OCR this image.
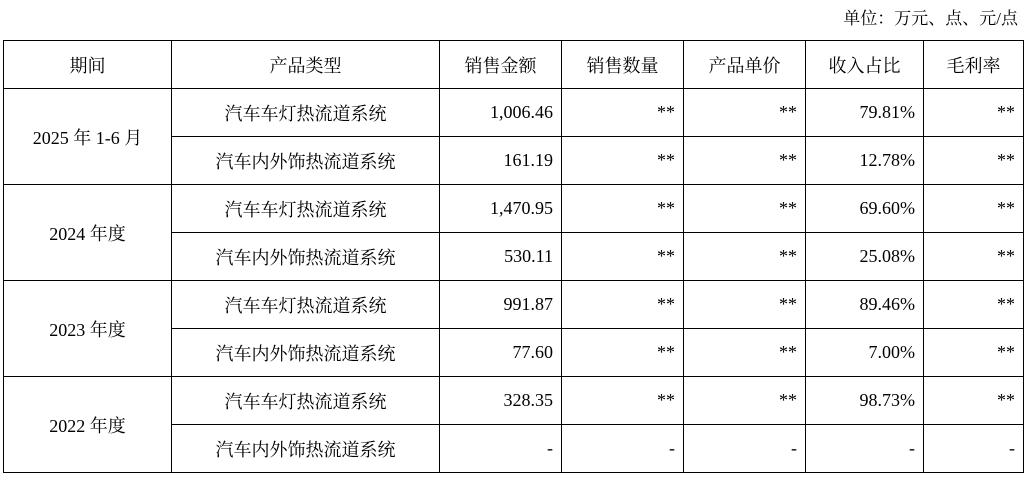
单位：万元、点、元/点
期间	产品类型	销售金额	销售数量	产品单价	收入占比	毛利率
2025 年 1-6 月	汽车车灯热流道系统	1,006.46	**	**	79.81%	**
	汽车内外饰热流道系统	161.19	**	**	12.78%	**
2024 年度	汽车车灯热流道系统	1,470.95	**	**	69.60%	**
	汽车内外饰热流道系统	530.11	**	**	25.08%	**
2023 年度	汽车车灯热流道系统	991.87	**	**	89.46%	**
	汽车内外饰热流道系统	77.60	**	**	7.00%	**
2022 年度	汽车车灯热流道系统	328.35	**	**	98.73%	**
	汽车内外饰热流道系统	-	-	-	-	-
